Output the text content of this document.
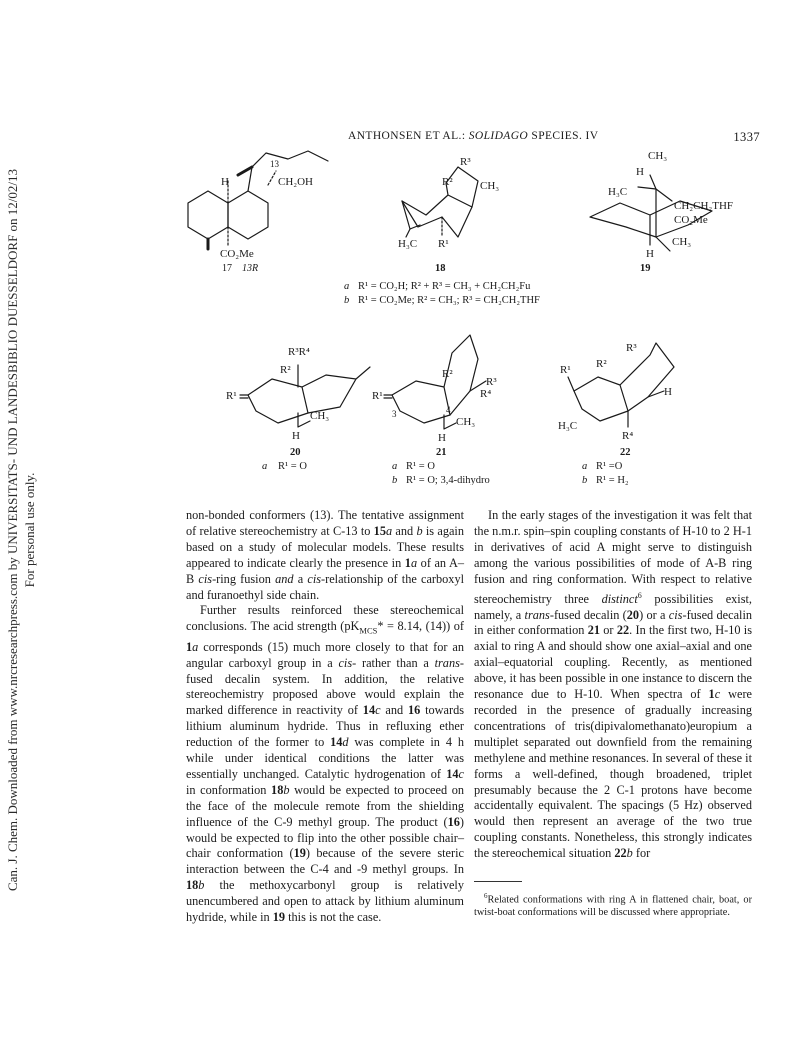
Can. J. Chem. Downloaded from www.nrcresearchpress.com by UNIVERSITATS- UND LANDESBIBLIO DUESSELDORF on 12/02/13 For personal use only.
ANTHONSEN ET AL.: SOLIDAGO SPECIES. IV	1337
H
13
CH₂OH
CO₂Me
17 13R
R³
R² CH₃
H₃C R¹
18
a R¹ = CO₂H; R² + R³ = CH₃ + CH₂CH₂Fu
b R¹ = CO₂Me; R² = CH₃; R³ = CH₂CH₂THF
CH₃
H
H₃C
CH₂CH₂THF
CO₂Me
H
CH₃
19
R³R⁴
R²
R¹
CH₃
H
20
a R¹ = O
R¹
R²
R³
R⁴
3	4
CH₃
H
21
a R¹ = O
b R¹ = O; 3,4-dihydro
R¹ R²
R³
H
H₃C
R⁴
22
a R¹ =O
b R¹ = H₂

non-bonded conformers (13). The tentative assignment of relative stereochemistry at C-13 to 15a and b is again based on a study of molecular models. These results appeared to indicate clearly the presence in 1a of an A–B cis-ring fusion and a cis-relationship of the carboxyl and furanoethyl side chain.

Further results reinforced these stereochemical conclusions. The acid strength ($pK_{MCS}* = 8.14$, (14)) of 1a corresponds (15) much more closely to that for an angular carboxyl group in a cis- rather than a trans-fused decalin system. In addition, the relative stereochemistry proposed above would explain the marked difference in reactivity of 14c and 16 towards lithium aluminum hydride. Thus in refluxing ether reduction of the former to 14d was complete in 4 h while under identical conditions the latter was essentially unchanged. Catalytic hydrogenation of 14c in conformation 18b would be expected to proceed on the face of the molecule remote from the shielding influence of the C-9 methyl group. The product (16) would be expected to flip into the other possible chair–chair conformation (19) because of the severe steric interaction between the C-4 and -9 methyl groups. In 18b the methoxycarbonyl group is relatively unencumbered and open to attack by lithium aluminum hydride, while in 19 this is not the case.

In the early stages of the investigation it was felt that the n.m.r. spin–spin coupling constants of H-10 to 2 H-1 in derivatives of acid A might serve to distinguish among the various possibilities of mode of A-B ring fusion and ring conformation. With respect to relative stereochemistry three distinct$^6$ possibilities exist, namely, a trans-fused decalin (20) or a cis-fused decalin in either conformation 21 or 22. In the first two, H-10 is axial to ring A and should show one axial–axial and one axial–equatorial coupling. Recently, as mentioned above, it has been possible in one instance to discern the resonance due to H-10. When spectra of 1c were recorded in the presence of gradually increasing concentrations of tris(dipivalomethanato)europium a multiplet separated out downfield from the remaining methylene and methine resonances. In several of these it forms a well-defined, though broadened, triplet presumably because the 2 C-1 protons have become accidentally equivalent. The spacings (5 Hz) observed would then represent an average of the two true coupling constants. Nonetheless, this strongly indicates the stereochemical situation 22b for

$^6$Related conformations with ring A in flattened chair, boat, or twist-boat conformations will be discussed where appropriate.
